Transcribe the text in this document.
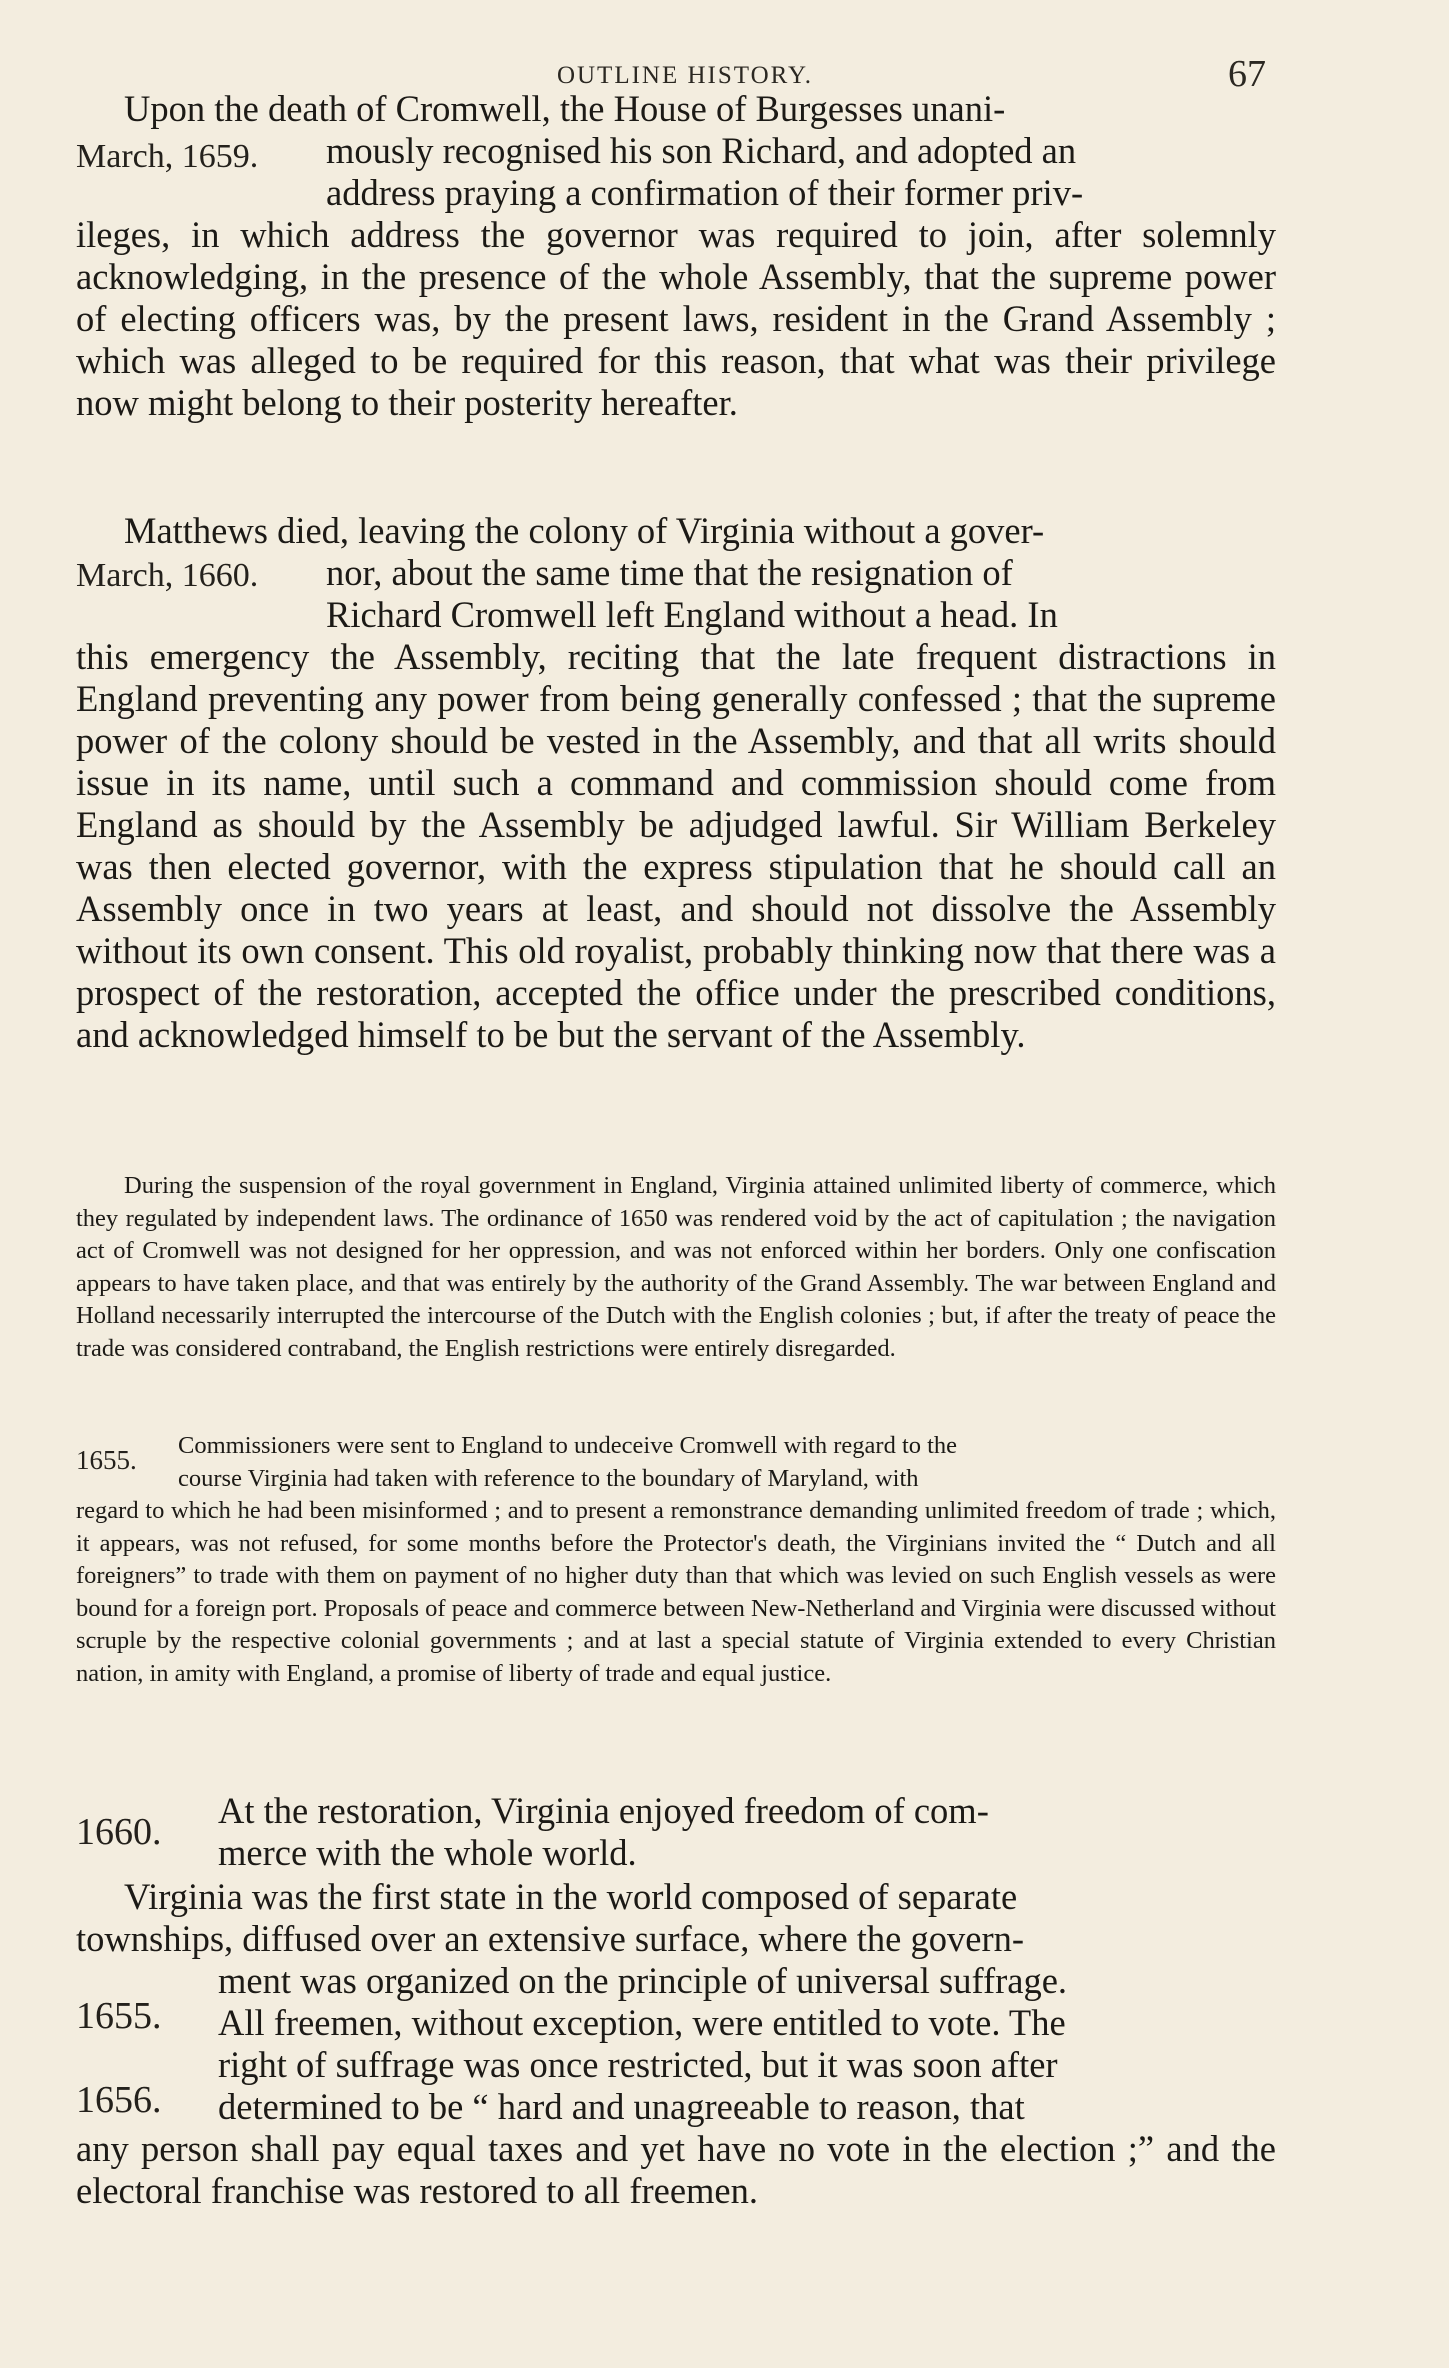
OUTLINE HISTORY.	67

Upon the death of Cromwell, the House of Burgesses unani-

March, 1659. mously recognised his son Richard, and adopted an
address praying a confirmation of their former priv-

ileges, in which address the governor was required to join, after solemnly acknowledging, in the presence of the whole Assembly, that the supreme power of electing officers was, by the present laws, resident in the Grand Assembly ; which was alleged to be required for this reason, that what was their privilege now might belong to their posterity hereafter.

Matthews died, leaving the colony of Virginia without a gover-

March, 1660. nor, about the same time that the resignation of
Richard Cromwell left England without a head. In

this emergency the Assembly, reciting that the late frequent distractions in England preventing any power from being generally confessed ; that the supreme power of the colony should be vested in the Assembly, and that all writs should issue in its name, until such a command and commission should come from England as should by the Assembly be adjudged lawful. Sir William Berkeley was then elected governor, with the express stipulation that he should call an Assembly once in two years at least, and should not dissolve the Assembly without its own consent. This old royalist, probably thinking now that there was a prospect of the restoration, accepted the office under the prescribed conditions, and acknowledged himself to be but the servant of the Assembly.

During the suspension of the royal government in England, Virginia attained unlimited liberty of commerce, which they regulated by independent laws. The ordinance of 1650 was rendered void by the act of capitulation ; the navigation act of Cromwell was not designed for her oppression, and was not enforced within her borders. Only one confiscation appears to have taken place, and that was entirely by the authority of the Grand Assembly. The war between England and Holland necessarily interrupted the intercourse of the Dutch with the English colonies ; but, if after the treaty of peace the trade was considered contraband, the English restrictions were entirely disregarded.

1655. Commissioners were sent to England to undeceive Cromwell with regard to the
course Virginia had taken with reference to the boundary of Maryland, with

regard to which he had been misinformed ; and to present a remonstrance demanding unlimited freedom of trade ; which, it appears, was not refused, for some months before the Protector's death, the Virginians invited the “ Dutch and all foreigners” to trade with them on payment of no higher duty than that which was levied on such English vessels as were bound for a foreign port. Proposals of peace and commerce between New-Netherland and Virginia were discussed without scruple by the respective colonial governments ; and at last a special statute of Virginia extended to every Christian nation, in amity with England, a promise of liberty of trade and equal justice.

1660.
At the restoration, Virginia enjoyed freedom of com-
merce with the whole world.

Virginia was the first state in the world composed of separate

townships, diffused over an extensive surface, where the govern-

1655.
ment was organized on the principle of universal suffrage.
All freemen, without exception, were entitled to vote. The
1656.
right of suffrage was once restricted, but it was soon after
determined to be “ hard and unagreeable to reason, that

any person shall pay equal taxes and yet have no vote in the election ;” and the electoral franchise was restored to all freemen.
